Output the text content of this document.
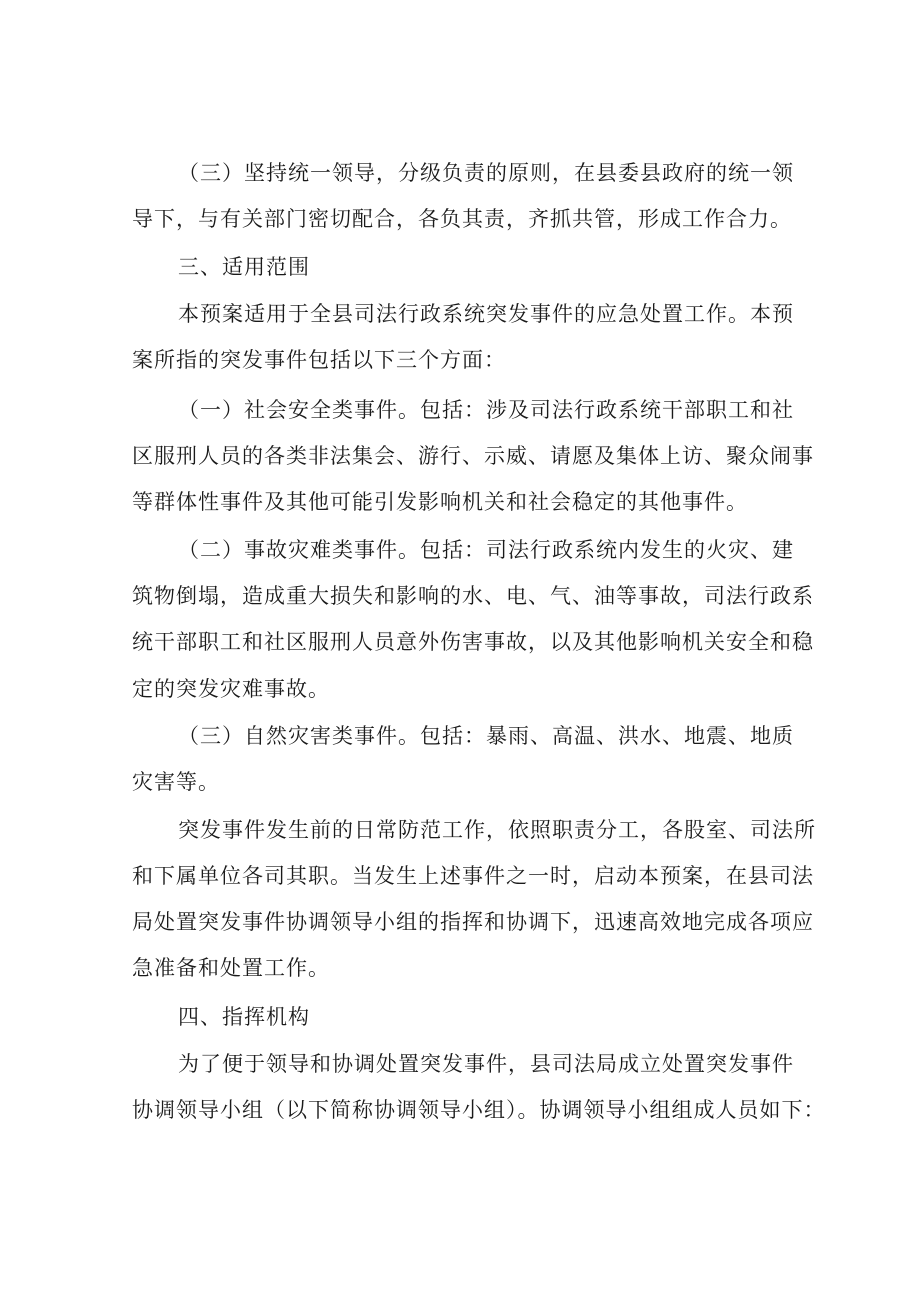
（三）坚持统一领导，分级负责的原则，在县委县政府的统一领
导下，与有关部门密切配合，各负其责，齐抓共管，形成工作合力。
三、适用范围
本预案适用于全县司法行政系统突发事件的应急处置工作。本预
案所指的突发事件包括以下三个方面：
（一）社会安全类事件。包括：涉及司法行政系统干部职工和社
区服刑人员的各类非法集会、游行、示威、请愿及集体上访、聚众闹事
等群体性事件及其他可能引发影响机关和社会稳定的其他事件。
（二）事故灾难类事件。包括：司法行政系统内发生的火灾、建
筑物倒塌，造成重大损失和影响的水、电、气、油等事故，司法行政系
统干部职工和社区服刑人员意外伤害事故，以及其他影响机关安全和稳
定的突发灾难事故。
（三）自然灾害类事件。包括：暴雨、高温、洪水、地震、地质
灾害等。
突发事件发生前的日常防范工作，依照职责分工，各股室、司法所
和下属单位各司其职。当发生上述事件之一时，启动本预案，在县司法
局处置突发事件协调领导小组的指挥和协调下，迅速高效地完成各项应
急准备和处置工作。
四、指挥机构
为了便于领导和协调处置突发事件，县司法局成立处置突发事件
协调领导小组（以下简称协调领导小组）。协调领导小组组成人员如下：
